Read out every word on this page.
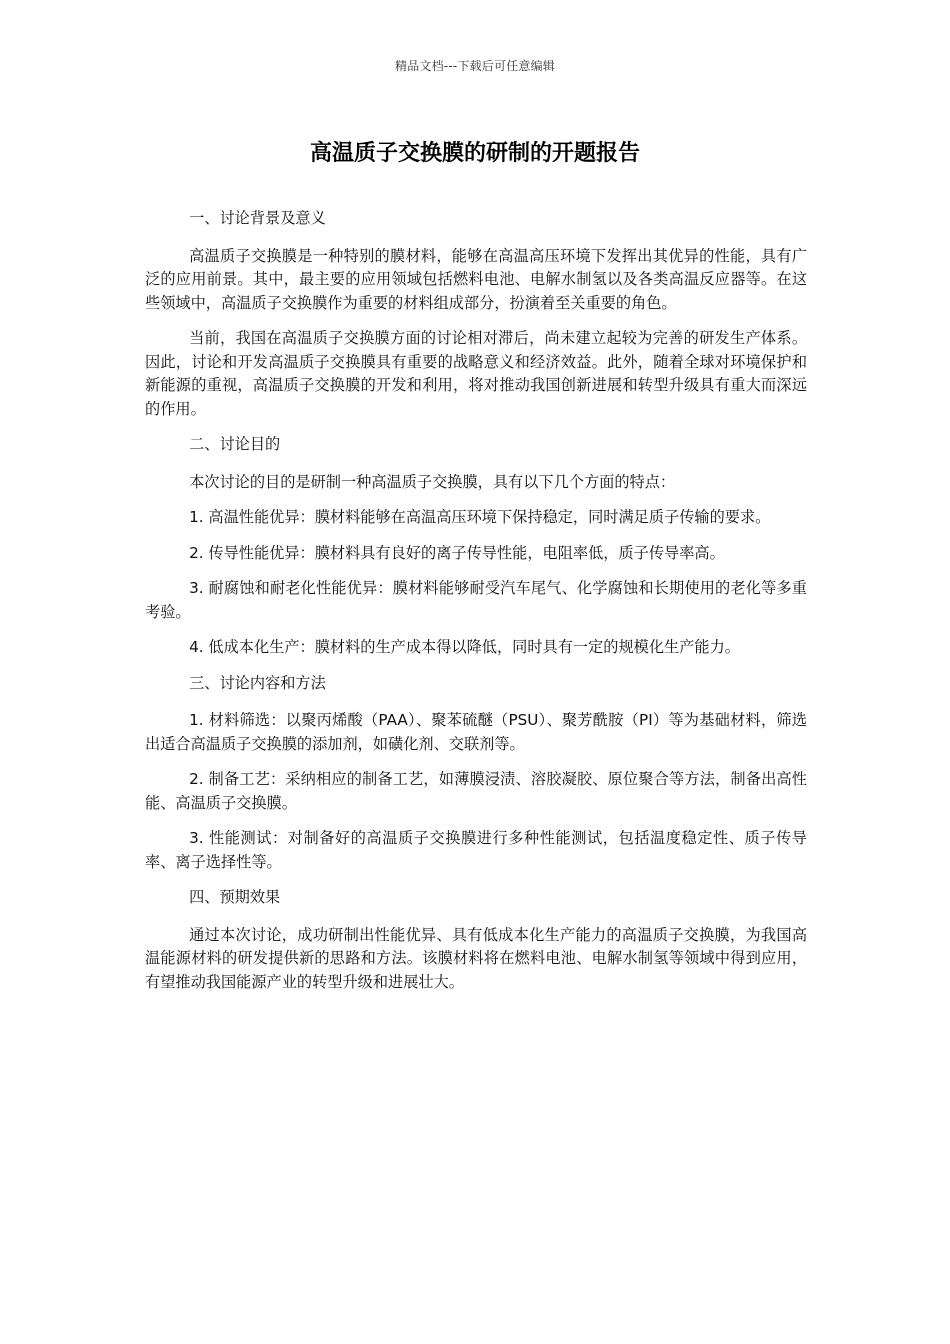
精品文档---下载后可任意编辑
高温质子交换膜的研制的开题报告

一、讨论背景及意义

高温质子交换膜是一种特别的膜材料，能够在高温高压环境下发挥出其优异的性能，具有广泛的应用前景。其中，最主要的应用领域包括燃料电池、电解水制氢以及各类高温反应器等。在这些领域中，高温质子交换膜作为重要的材料组成部分，扮演着至关重要的角色。

当前，我国在高温质子交换膜方面的讨论相对滞后，尚未建立起较为完善的研发生产体系。因此，讨论和开发高温质子交换膜具有重要的战略意义和经济效益。此外，随着全球对环境保护和新能源的重视，高温质子交换膜的开发和利用，将对推动我国创新进展和转型升级具有重大而深远的作用。

二、讨论目的

本次讨论的目的是研制一种高温质子交换膜，具有以下几个方面的特点：

1. 高温性能优异：膜材料能够在高温高压环境下保持稳定，同时满足质子传输的要求。

2. 传导性能优异：膜材料具有良好的离子传导性能，电阻率低，质子传导率高。

3. 耐腐蚀和耐老化性能优异：膜材料能够耐受汽车尾气、化学腐蚀和长期使用的老化等多重考验。

4. 低成本化生产：膜材料的生产成本得以降低，同时具有一定的规模化生产能力。

三、讨论内容和方法

1. 材料筛选：以聚丙烯酸（PAA）、聚苯硫醚（PSU）、聚芳酰胺（PI）等为基础材料，筛选出适合高温质子交换膜的添加剂，如磺化剂、交联剂等。

2. 制备工艺：采纳相应的制备工艺，如薄膜浸渍、溶胶凝胶、原位聚合等方法，制备出高性能、高温质子交换膜。

3. 性能测试：对制备好的高温质子交换膜进行多种性能测试，包括温度稳定性、质子传导率、离子选择性等。

四、预期效果

通过本次讨论，成功研制出性能优异、具有低成本化生产能力的高温质子交换膜，为我国高温能源材料的研发提供新的思路和方法。该膜材料将在燃料电池、电解水制氢等领域中得到应用，有望推动我国能源产业的转型升级和进展壮大。
